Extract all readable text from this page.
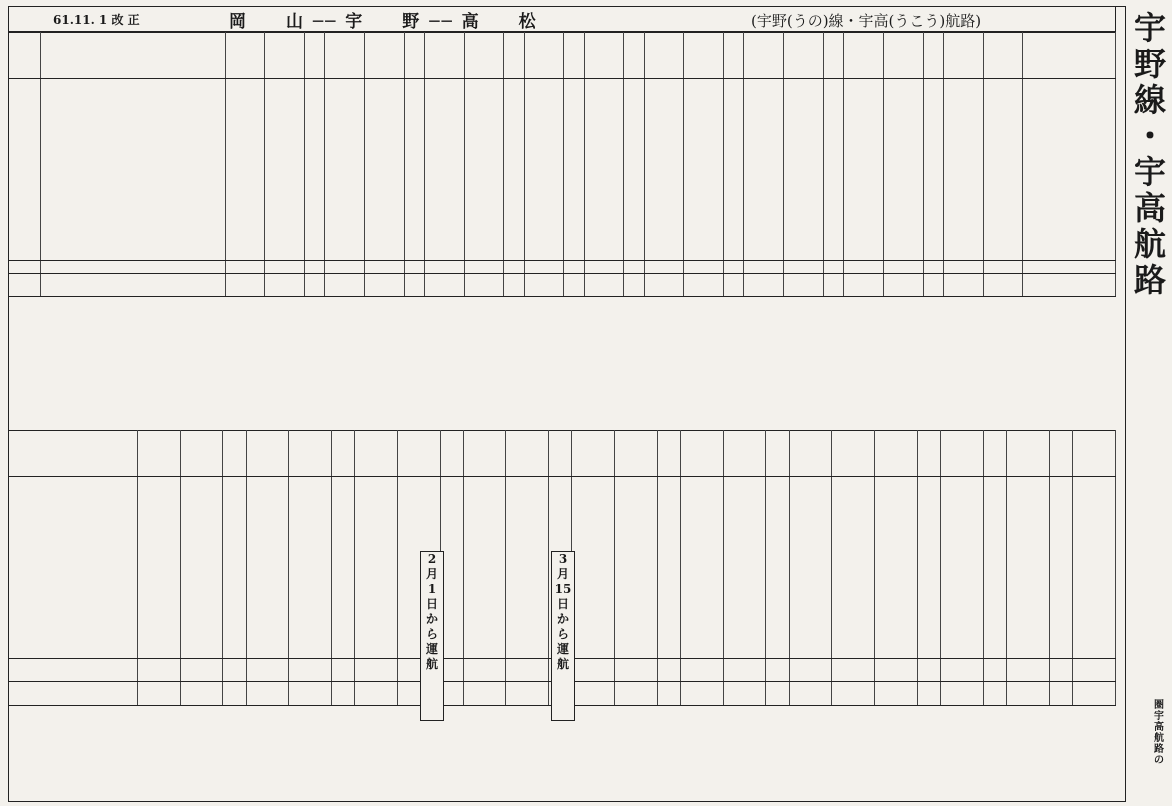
61.11. 1 改 正	岡　　山 ── 宇　　野 ── 高　　松	(宇野(うの)線・宇高(うこう)航路)

2
月
1
日
か
ら
運
航
3
月
15
日
か
ら
運
航
宇
野
線
・
宇
高
航
路
圏
宇
高
航
路
の
